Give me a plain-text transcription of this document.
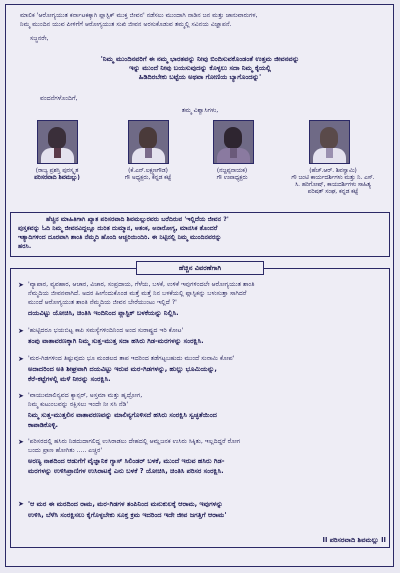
ಮಾಲಿಕ 'ಆರೋಗ್ಯಯುತ ಕರ್ನಾಟಕಕ್ಕಾಗಿ ಪ್ಲಾಸ್ಟಿಕ್ ಮುಕ್ತ ಜೀವನ' ನಡೆಸಲು ಮುಂದಾಗಿ ನಾಡಿನ ಜನ ಮತ್ತು ಜಾನುವಾರುಗಳ,
ನಿಮ್ಮ ಮುಂದಿನ ಯುವ ಪೀಳಿಗೆಗೆ ಆರೋಗ್ಯಯುತ ಸುಖಿ ಜೀವನ ಅರಸುಕೊಡುವ ತಮ್ಮಲ್ಲಿ ಸವಿನಯ ವಿಜ್ಞಾಪನೆ.
ಸಜ್ಜನರೇ,
'ನಿಮ್ಮ ಮುಂದಿನವರಿಗೆ ಈ ನಮ್ಮ ಭಾರತವನ್ನು ನೀವು ಬಿಂದಿಸುವಕೊಂಡಂತೆ ಉತ್ತಮ ಜೀವನವನ್ನು
ಇನ್ನು ಮುಂದೆ ನೀವು ಬಯಸುವುದನ್ನು ಕೊಳ್ಳಲು ಸದಾ ನಿಮ್ಮ ಕೈಯಲ್ಲಿ
ಹಿಡಿದಿರಬೇಕು ಬಟ್ಟೆಯ ಅಥವಾ ಗೋಣಿಯ ಬ್ಯಾಗೊಂದನ್ನು'
ವಂದನೆಗಳೊಂದಿಗೆ,
ತಮ್ಮ ವಿಶ್ವಾಸಿಗಳು,
(ರಾಜ್ಯ ಪ್ರಶಸ್ತಿ ಪುರಸ್ಕೃತ
ಪರಿಸರವಾದಿ ಶಿವಮಲ್ಲು)
(ಕೆ.ಎನ್.ಲಕ್ಷ್ಮಣಗೌಡ)
ಗೌ ಅಧ್ಯಕ್ಷರು, ಕನ್ನಡ ಕಟ್ಟೆ
(ನಜ್ಜಪ್ಪನಾಯಕ)
ಗೌ ಉಪಾಧ್ಯಕ್ಷರು
(ಹೆಚ್.ಆರ್. ಶಿವಸ್ವಾಮಿ)
ಗೌ ಜಂಟಿ ಕಾರ್ಯದರ್ಶಿಗಳು ಮತ್ತು ನಿ. ಎಸ್. ಸಿ. ಹರಿಗೋಷ್, ಕಾಯದರ್ಶಿಗಳು ಸಾಹಿತ್ಯ ಪರಿಷತ್ ಸಂಘ, ಕನ್ನಡ ಕಟ್ಟೆ
ಹೆಚ್ಚಿನ ಮಾಹಿತಿಗಾಗಿ ಖ್ಯಾತ ಪರಿಸರವಾದಿ ಶಿವಮಲ್ಲುರವರು ಬರೆದಿರುವ 'ಇಲ್ಲಿದೆಯ ಜೀವನ ?'
ಪುಸ್ತಕವನ್ನು ಓದಿ ನಿಮ್ಮ ಜೀವನವಿದ್ದಲ್ಲೂ ದುರಿತ ದುಮ್ಮಾನ, ಆತಂಕ, ಅನಾರೋಗ್ಯ, ಮಾನಸಿಕ ತೊಂದರೆ
ಇತ್ಯಾದಿಗಳಿಂದ ದೂರವಾಗಿ ಶಾಂತಿ ನೆಮ್ಮದಿ ಹೊಂದಿ ಆಚ್ಚರಿಯಿಂದಿರಿ. ಈ ನಿಟ್ಟಿನಲ್ಲಿ ನಿಮ್ಮ ಮುಂದಿನವರನ್ನು
ಹರಸಿ.
ಹೆಚ್ಚಿನ ವಿವರಣೆಗಾಗಿ
➤ 'ವ್ಯಾಪಾರ, ವ್ಯವಹಾರ, ಆಚಾರ, ವಿಚಾರ, ಸಂಪ್ರದಾಯ, ಗೆಳೆಯ, ಬಳಕೆ, ಉಳಿಕೆ ಇವುಗಳಿಂದಲೇ ಆರೋಗ್ಯಯುತ ಶಾಂತಿ
ನೆಮ್ಮದಿಯ ಜೀವನವಾಗಿದೆ. ಅದರ ಹೀಗೆಂದುಕೊಂಡ ಮತ್ತೆ ಮತ್ತೆ ನಿನ ಬಳಕೆಯಲ್ಲಿ ಪ್ಲಾಸ್ಟಿಕನ್ನು ಬಳುಸುತ್ತಾ ಸಾಗಿದರೆ
ಮುಂದೆ ಆರೋಗ್ಯಯುತ ಶಾಂತಿ ನೆಮ್ಮದಿಯ ಜೀವನ ಬೇರೆಯುಂಟು ಇಲ್ಲಿದೆ ?'
ದಯವಿಟ್ಟು ಯೋಚಿಸಿ, ಚಿಂತಿಸಿ ಇಂದಿನಿಂದ ಪ್ಲಾಸ್ಟಿಕ್ ಬಳಕೆಯನ್ನು ನಿಲ್ಲಿಸಿ.
➤ 'ಹುಟ್ಟಿದರೂ ಭಯಬಿಟ್ಟ ಕಾಪಿ ಸಮಸ್ಯೆಗಳಿಂದಿನಿಂದ ಅಂದ ಸುರಾಷ್ಟ್ರದ ಇರಿ ಕೋಟ'
ತಂಪು ವಾತಾವರಣಕ್ಕಾಗಿ ನಿಮ್ಮ ಸುತ್ತ-ಮುತ್ತ ಸದಾ ಹಸಿರು ಗಿಡ-ಮರಗಳನ್ನು ಸಂರಕ್ಷಿಸಿ.
➤ 'ಮರ-ಗಿಡಗಳಿಂದ ತಿಷ್ಟುವುದು ಭೂ ಮಂಡಲದ ತಾಪ ಇದರಿಂದ ತಡೆಗಟ್ಟಬಹುದು ಮುಂದೆ ಸುನಾಮಿ ಕೋಪ'
ಅದಾದರಿಂದ ಅತಿ ಶೀಘ್ರವಾಗಿ ದಯವಿಟ್ಟು ಇರುವ ಮರ-ಗಿಡಗಳನ್ನು, ಹುಲ್ಲು ಭೂಮಿಯನ್ನು,
ಕೆರೆ-ಕಟ್ಟೆಗಳಲ್ಲಿ ಮಳೆ ನೀರನ್ನು ಸಂರಕ್ಷಿಸಿ.
➤ 'ವಾಯುಮಾಲಿನ್ಯವದ ಕ್ಯಾನ್ಸರ್, ಅಸ್ತಮಾ ಮತ್ತು ಹೃದ್ರೋಗ,
ನಿಮ್ಮ ಕುಟುಂಬವನ್ನು ರಕ್ಷಿಸಲು ಇಂದೇ ನೀ ಸಸಿ ನೆಡಿ'
ನಿಮ್ಮ ಸುತ್ತ-ಮುತ್ತಲಿನ ವಾತಾವರಣವನ್ನು ಮಾಲಿನ್ಯಗೊಳಿಸದೆ ಹಸಿರು ಸಂರಕ್ಷಿಸಿ ಸ್ವಚ್ಛತೆಯಿಂದ
ಕಾಪಾಡಿಕೊಳ್ಳಿ.
➤ 'ಪರಿಸರದಲ್ಲಿ ಹಸಿರು ನಿಡದುದಾಗಲಿದ್ದ ಉಸಿರಾಡಲು ದೇಹದಲ್ಲಿ ಆಮ್ಲಜನಕ ಉಸಿರು ಸಿಕ್ಕಿತು, ಇಲ್ಲದಿದ್ದರೆ ರೋಗ
ಬಂದು ಪ್ರಾಣ ಹೋಗಿತು ..... ಎಚ್ಚರ'
ಅರಣ್ಯ ನಾಶದಿಂದ ಆಡುಗೆಗೆ ವೈಜ್ಞಾನಿಕ ಗ್ಯಾಸ್ ಸಿಲಿಂಡರ್ ಬಳಕೆ, ಮುಂದೆ ಇರುವ ಹಸಿರು ಗಿಡ-
ಮರಗಳನ್ನು ಉಳಿಸಿಪ್ರಾಣಿಗಳ ಉಸಿರಾಟಕ್ಕೆ ಎನು ಬಳಕೆ ? ಯೋಚಿಸಿ, ಚಿಂತಿಸಿ ಪರಿಸರ ಸಂರಕ್ಷಿಸಿ.
➤ 'ಆ ಮರ ಈ ಮರದಿಂದ ರಾಮ, ಮರ-ಗಿಡಗಳ ತಂಪಿನಿಂದ ಮನುಕುಲಕ್ಕೆ ಆರಾಮ, ಇವುಗಳನ್ನು
ಉಳಿಸಿ, ಬೆಳೆಸಿ ಸಂರಕ್ಷಿಸಲು ಕೈಗೊಳ್ಳಬೇಕು ಸೂಕ್ತ ಕ್ರಮ ಇದರಿಂದ ಇದೇ ಜೀವ ಜಗತ್ತಿಗೆ ಆರಾಮ'
II ಪರಿಸರವಾದಿ ಶಿವಮಲ್ಲು II
